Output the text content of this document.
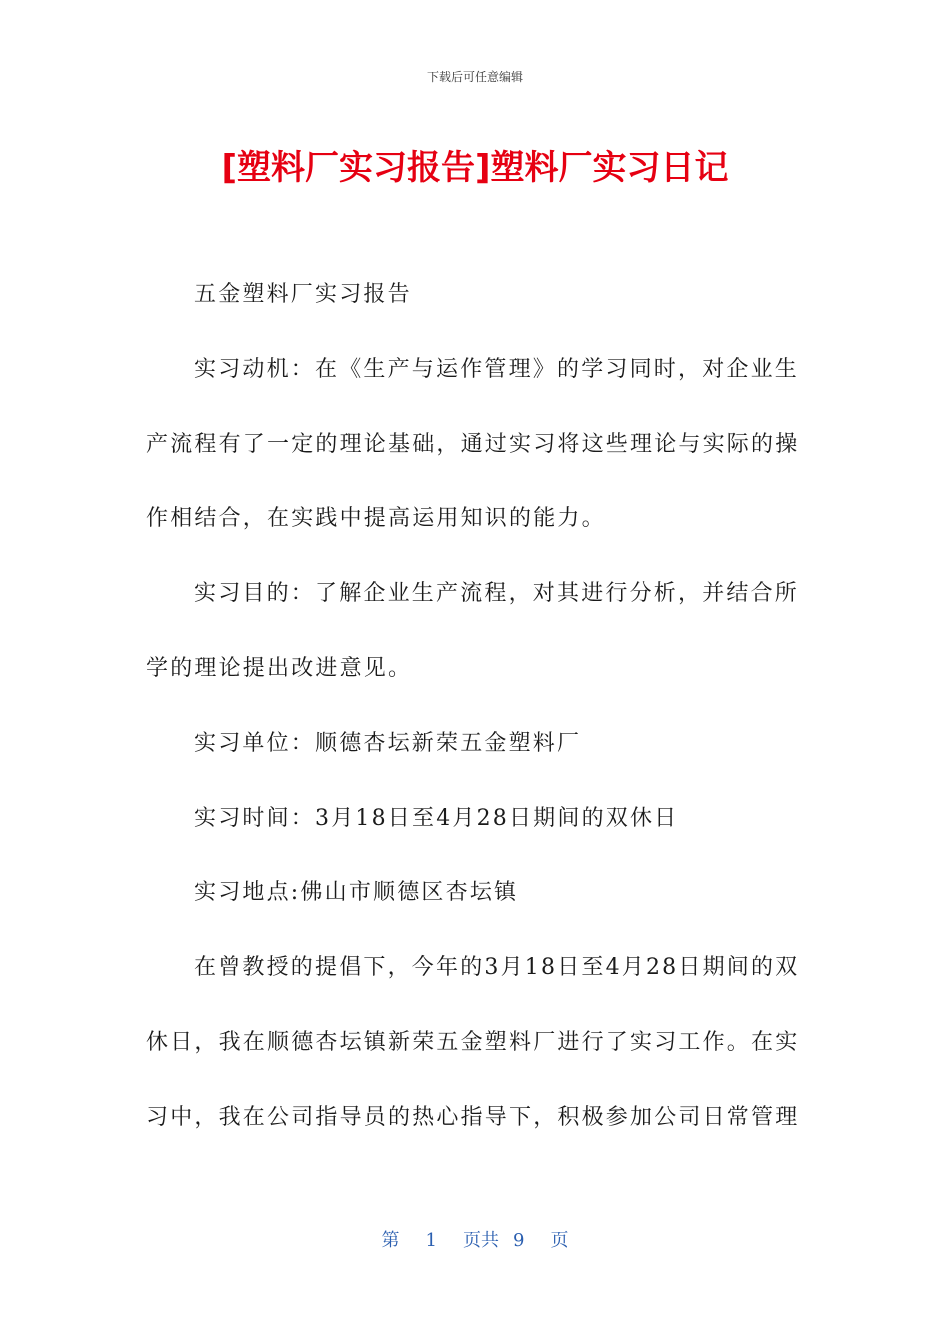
下载后可任意编辑
[塑料厂实习报告]塑料厂实习日记

五金塑料厂实习报告

实习动机：在《生产与运作管理》的学习同时，对企业生产流程有了一定的理论基础，通过实习将这些理论与实际的操作相结合，在实践中提高运用知识的能力。

实习目的：了解企业生产流程，对其进行分析，并结合所学的理论提出改进意见。

实习单位：顺德杏坛新荣五金塑料厂

实习时间：3月18日至4月28日期间的双休日

实习地点:佛山市顺德区杏坛镇

在曾教授的提倡下，今年的3月18日至4月28日期间的双休日，我在顺德杏坛镇新荣五金塑料厂进行了实习工作。在实习中，我在公司指导员的热心指导下，积极参加公司日常管理

第 1 页共 9 页
